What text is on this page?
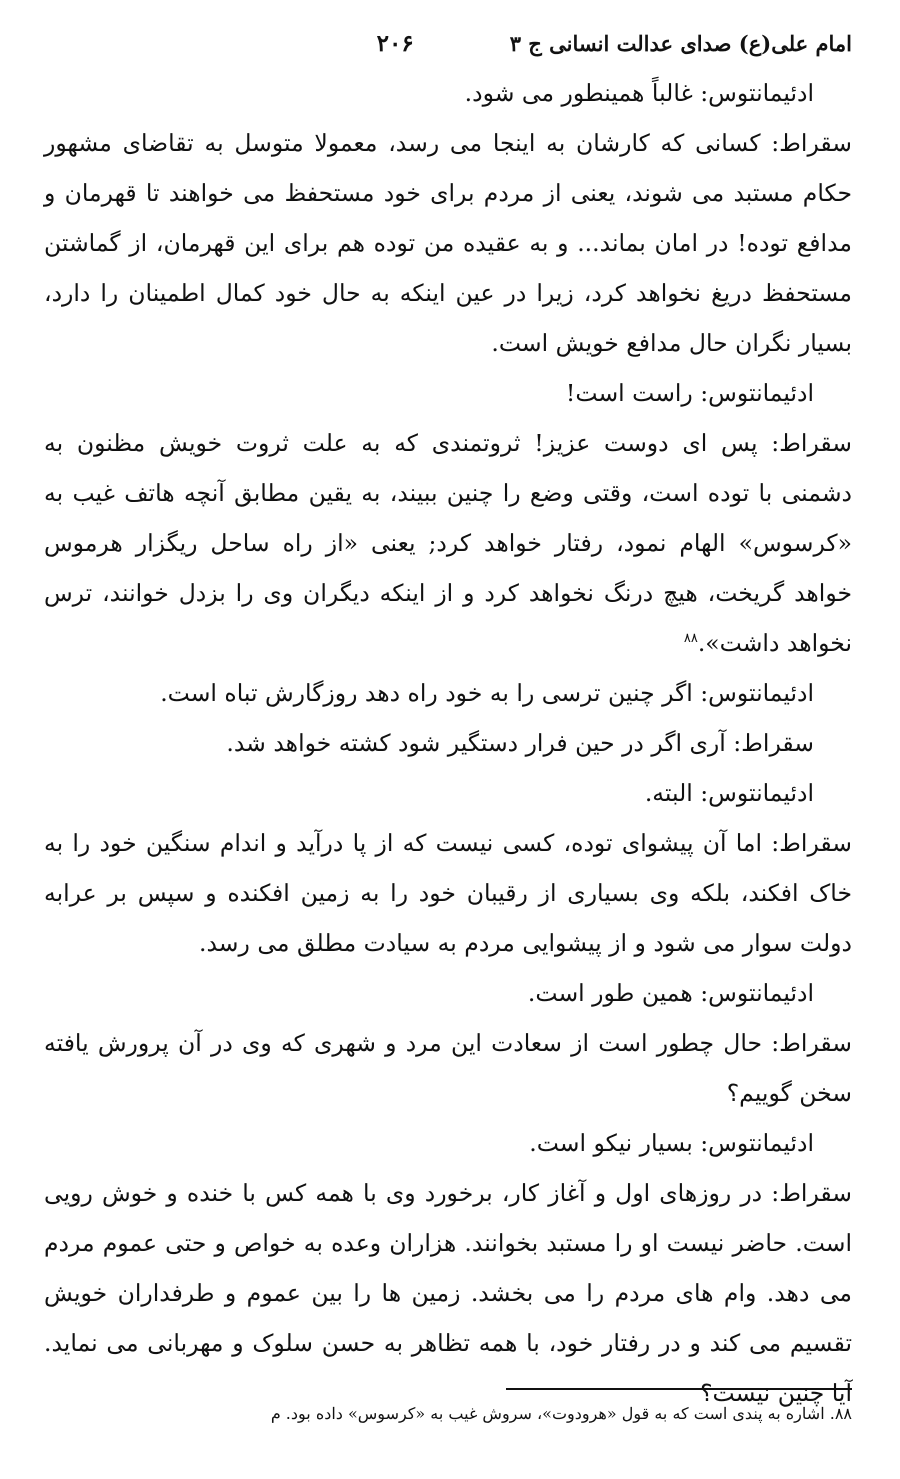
امام علی(ع) صدای عدالت انسانی ج ۳
۲۰۶

ادئیمانتوس: غالباً همینطور می شود.

سقراط: کسانی که کارشان به اینجا می رسد، معمولا متوسل به تقاضای مشهور حکام مستبد می شوند، یعنی از مردم برای خود مستحفظ می خواهند تا قهرمان و مدافع توده! در امان بماند... و به عقیده من توده هم برای این قهرمان، از گماشتن مستحفظ دریغ نخواهد کرد، زیرا در عین اینکه به حال خود کمال اطمینان را دارد، بسیار نگران حال مدافع خویش است.

ادئیمانتوس: راست است!

سقراط: پس ای دوست عزیز! ثروتمندی که به علت ثروت خویش مظنون به دشمنی با توده است، وقتی وضع را چنین ببیند، به یقین مطابق آنچه هاتف غیب به «کرسوس» الهام نمود، رفتار خواهد کرد; یعنی «از راه ساحل ریگزار هرموس خواهد گریخت، هیچ درنگ نخواهد کرد و از اینکه دیگران وی را بزدل خوانند، ترس نخواهد داشت».$^{۸۸}$

ادئیمانتوس: اگر چنین ترسی را به خود راه دهد روزگارش تباه است.

سقراط: آری اگر در حین فرار دستگیر شود کشته خواهد شد.

ادئیمانتوس: البته.

سقراط: اما آن پیشوای توده، کسی نیست که از پا درآید و اندام سنگین خود را به خاک افکند، بلکه وی بسیاری از رقیبان خود را به زمین افکنده و سپس بر عرابه دولت سوار می شود و از پیشوایی مردم به سیادت مطلق می رسد.

ادئیمانتوس: همین طور است.

سقراط: حال چطور است از سعادت این مرد و شهری که وی در آن پرورش یافته سخن گوییم؟

ادئیمانتوس: بسیار نیکو است.

سقراط: در روزهای اول و آغاز کار، برخورد وی با همه کس با خنده و خوش رویی است. حاضر نیست او را مستبد بخوانند. هزاران وعده به خواص و حتی عموم مردم می دهد. وام های مردم را می بخشد. زمین ها را بین عموم و طرفداران خویش تقسیم می کند و در رفتار خود، با همه تظاهر به حسن سلوک و مهربانی می نماید. آیا چنین نیست؟

۸۸. اشاره به پندی است که به قول «هرودوت»، سروش غیب به «کرسوس» داده بود. م
